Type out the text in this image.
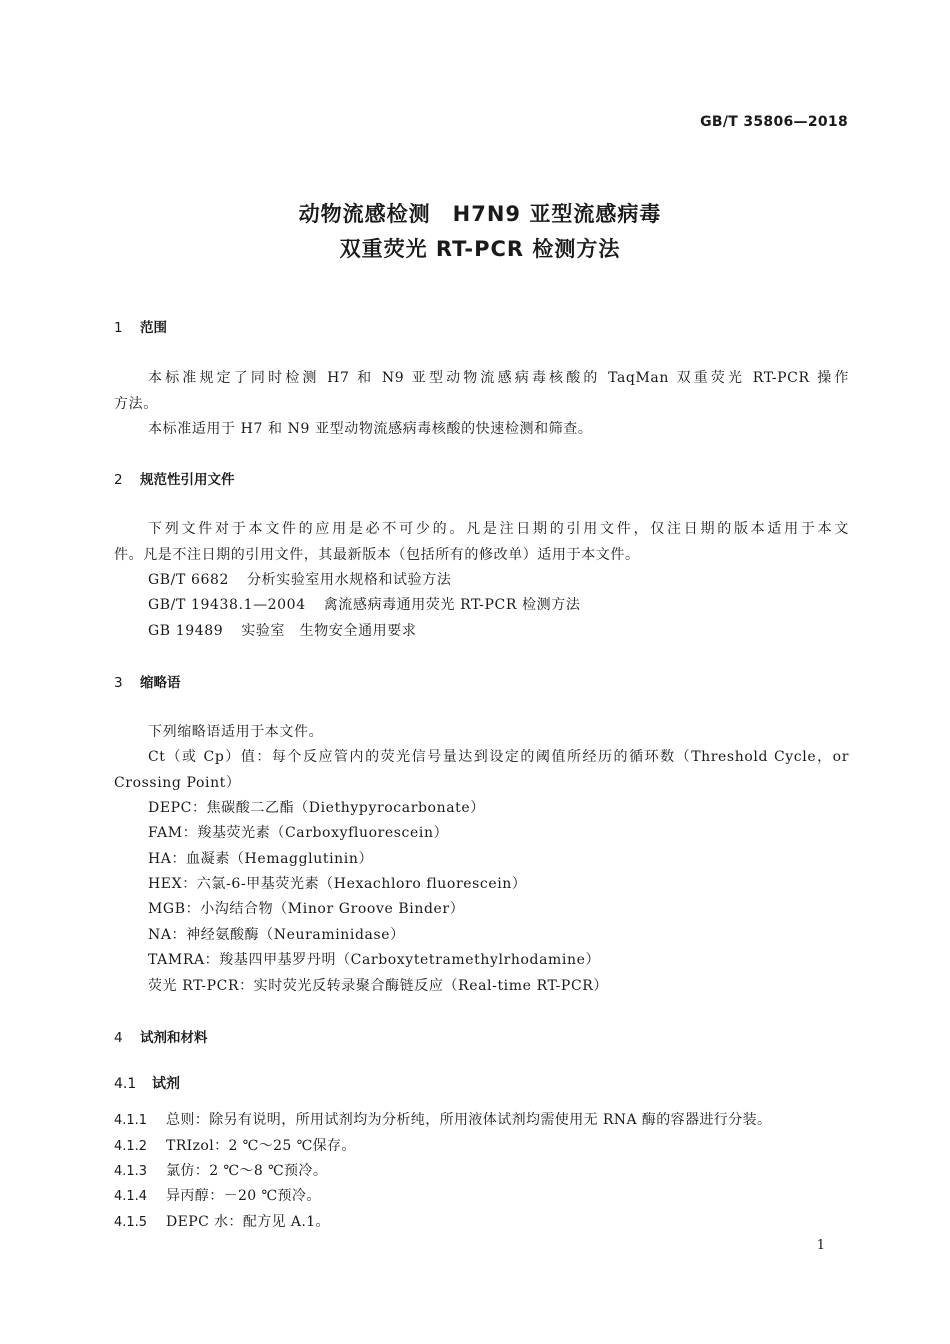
GB/T 35806—2018
动物流感检测　H7N9 亚型流感病毒
双重荧光 RT-PCR 检测方法
1 范围
本标准规定了同时检测 H7 和 N9 亚型动物流感病毒核酸的 TaqMan 双重荧光 RT-PCR 操作
方法。
本标准适用于 H7 和 N9 亚型动物流感病毒核酸的快速检测和筛查。
2 规范性引用文件
下列文件对于本文件的应用是必不可少的。凡是注日期的引用文件，仅注日期的版本适用于本文
件。凡是不注日期的引用文件，其最新版本（包括所有的修改单）适用于本文件。
GB/T 6682 分析实验室用水规格和试验方法
GB/T 19438.1—2004 禽流感病毒通用荧光 RT-PCR 检测方法
GB 19489 实验室　生物安全通用要求
3 缩略语
下列缩略语适用于本文件。
Ct（或 Cp）值：每个反应管内的荧光信号量达到设定的阈值所经历的循环数（Threshold Cycle，or
Crossing Point）
DEPC：焦碳酸二乙酯（Diethypyrocarbonate）
FAM：羧基荧光素（Carboxyfluorescein）
HA：血凝素（Hemagglutinin）
HEX：六氯-6-甲基荧光素（Hexachloro fluorescein）
MGB：小沟结合物（Minor Groove Binder）
NA：神经氨酸酶（Neuraminidase）
TAMRA：羧基四甲基罗丹明（Carboxytetramethylrhodamine）
荧光 RT-PCR：实时荧光反转录聚合酶链反应（Real-time RT-PCR）
4 试剂和材料
4.1 试剂
4.1.1 总则：除另有说明，所用试剂均为分析纯，所用液体试剂均需使用无 RNA 酶的容器进行分装。
4.1.2 TRIzol：2 ℃～25 ℃保存。
4.1.3 氯仿：2 ℃～8 ℃预冷。
4.1.4 异丙醇：－20 ℃预冷。
4.1.5 DEPC 水：配方见 A.1。
1
